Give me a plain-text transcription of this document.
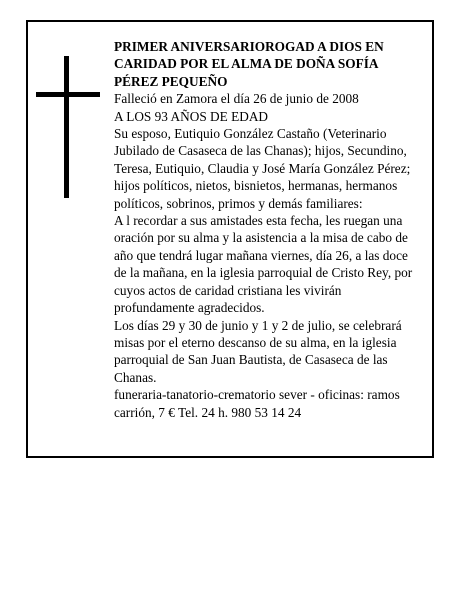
PRIMER ANIVERSARIOROGAD A DIOS EN CARIDAD POR EL ALMA DE DOÑA SOFÍA PÉREZ PEQUEÑO

Falleció en Zamora el día 26 de junio de 2008

A LOS 93 AÑOS DE EDAD

Su esposo, Eutiquio González Castaño (Veterinario Jubilado de Casaseca de las Chanas); hijos, Secundino, Teresa, Eutiquio, Claudia y José María González Pérez; hijos políticos, nietos, bisnietos, hermanas, hermanos políticos, sobrinos, primos y demás familiares:

A l recordar a sus amistades esta fecha, les ruegan una oración por su alma y la asistencia a la misa de cabo de año que tendrá lugar mañana viernes, día 26, a las doce de la mañana, en la iglesia parroquial de Cristo Rey, por cuyos actos de caridad cristiana les vivirán profundamente agradecidos.

Los días 29 y 30 de junio y 1 y 2 de julio, se celebrará misas por el eterno descanso de su alma, en la iglesia parroquial de San Juan Bautista, de Casaseca de las Chanas.

funeraria-tanatorio-crematorio sever - oficinas: ramos carrión, 7 € Tel. 24 h. 980 53 14 24
